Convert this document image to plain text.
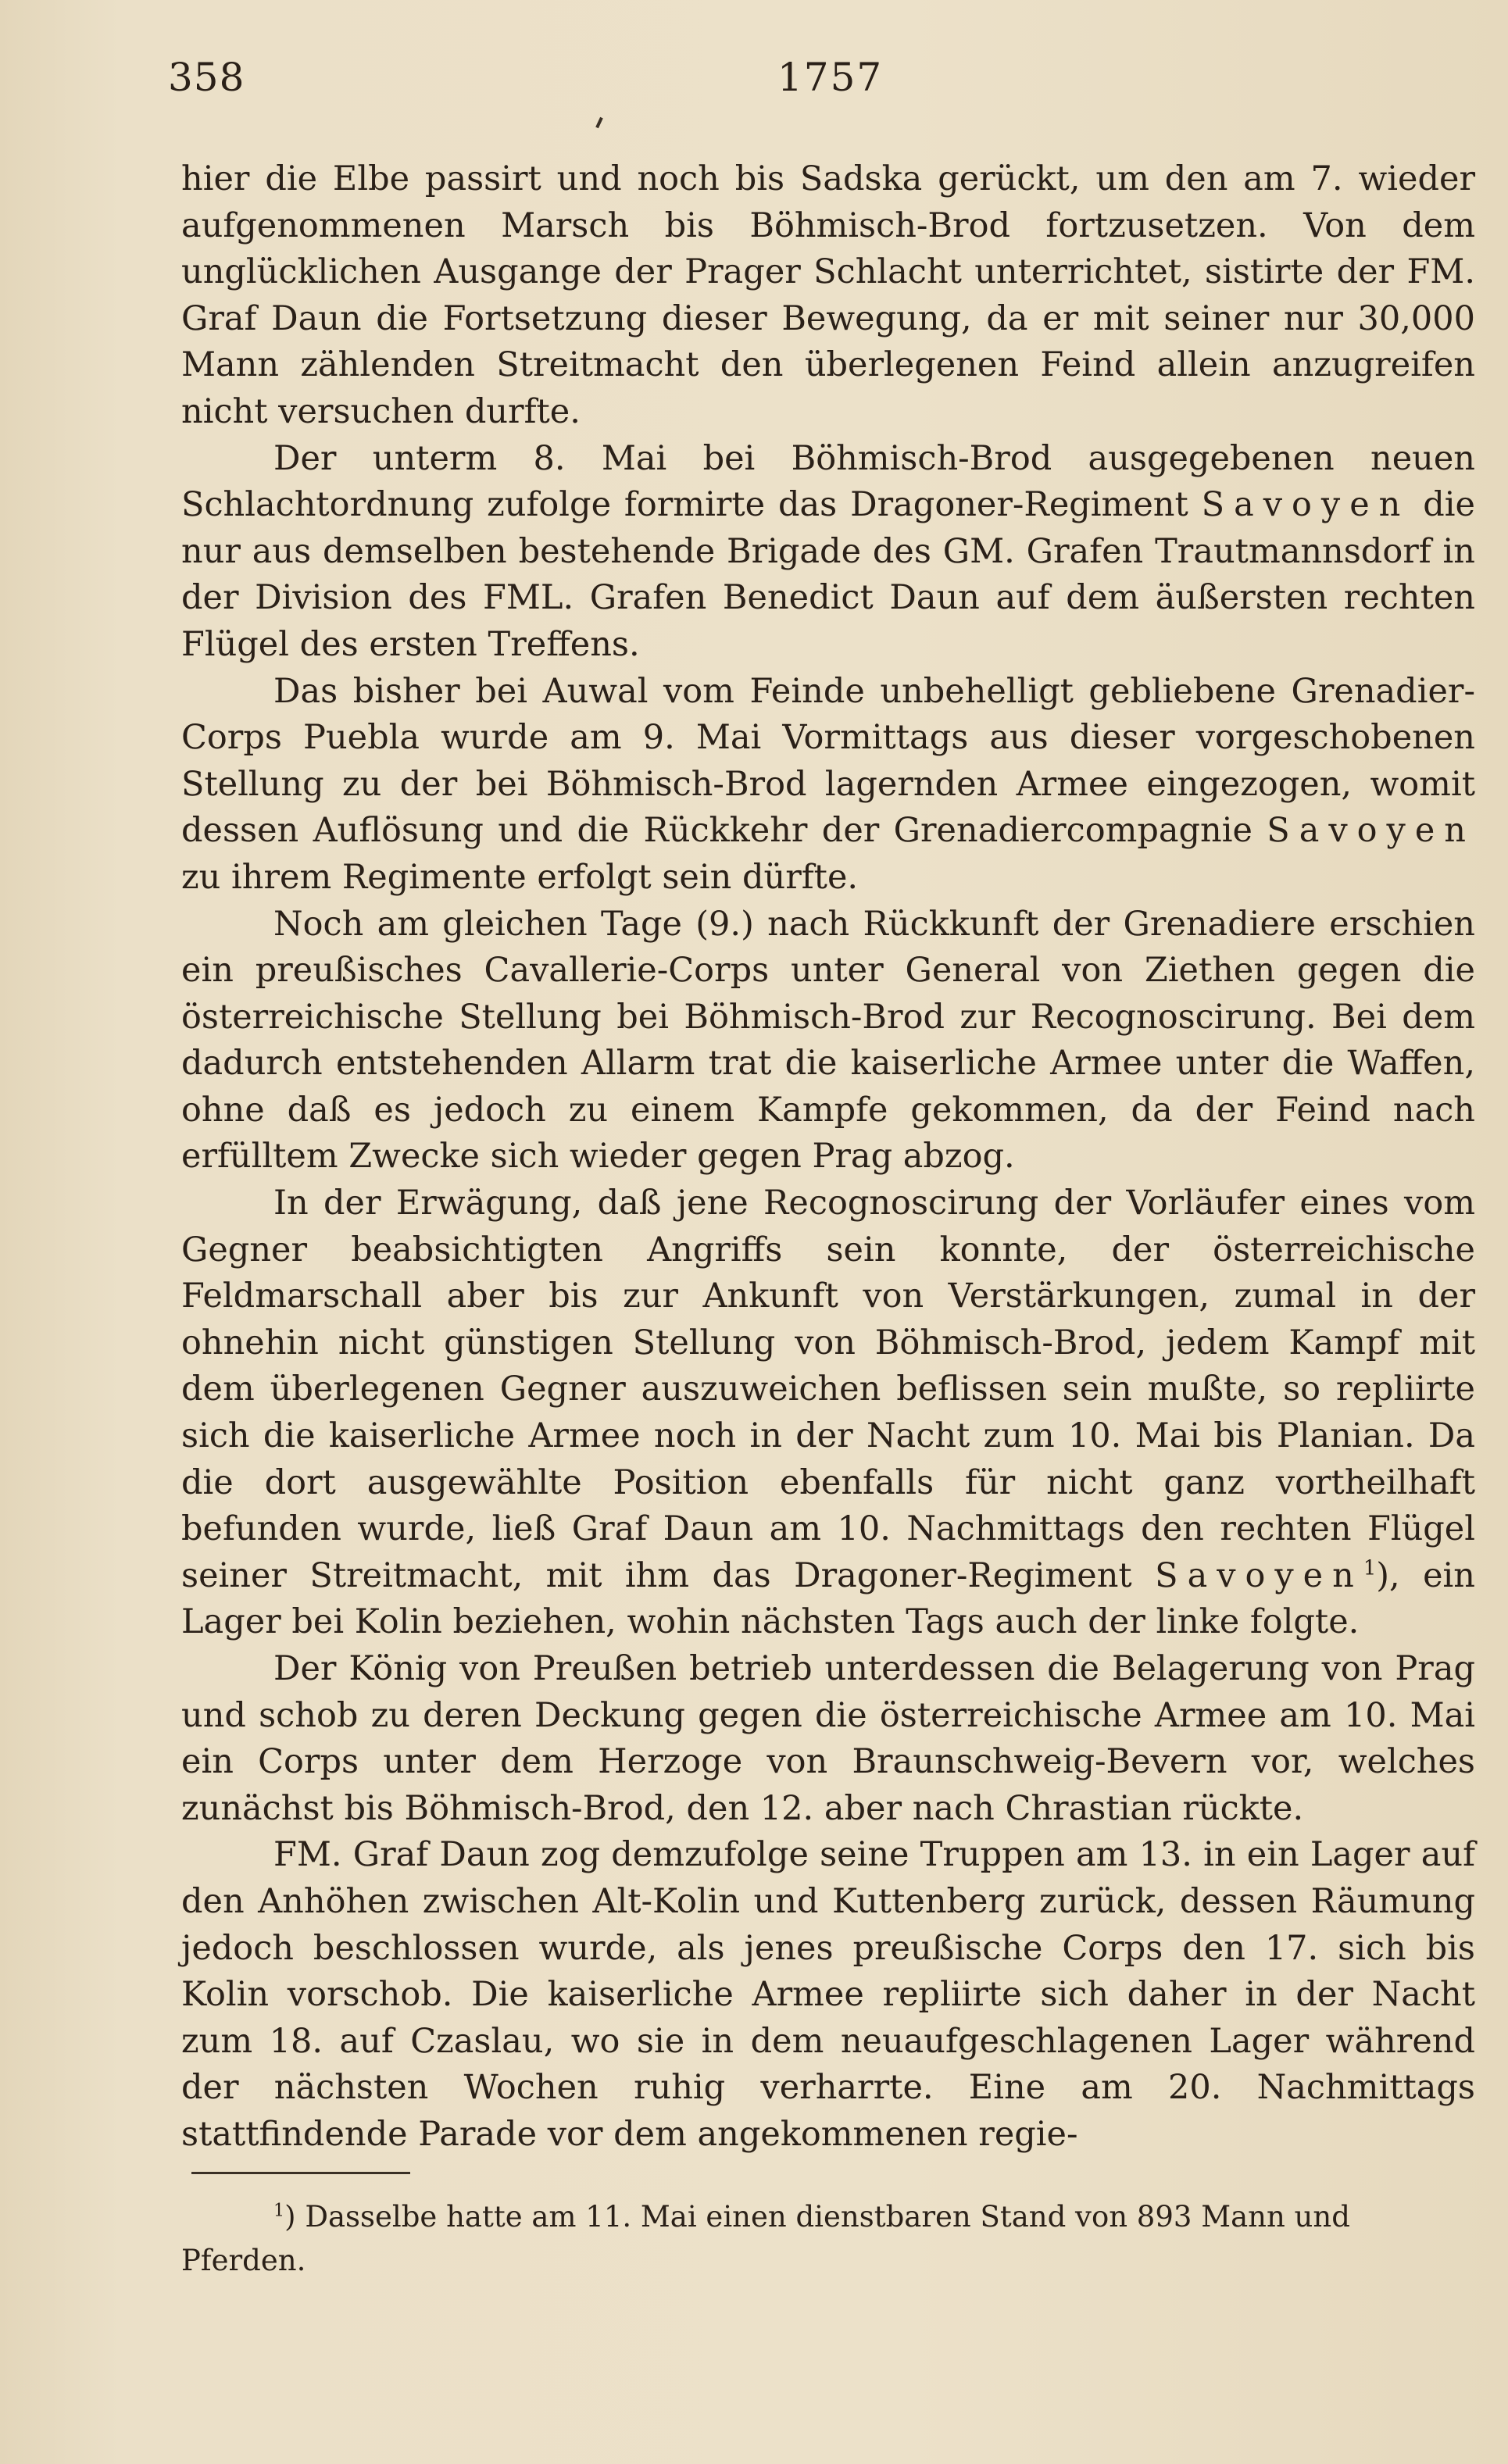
358	1757

hier die Elbe passirt und noch bis Sadska gerückt, um den am 7. wieder aufgenommenen Marsch bis Böhmisch-Brod fortzusetzen. Von dem unglücklichen Ausgange der Prager Schlacht unterrichtet, sistirte der FM. Graf Daun die Fortsetzung dieser Bewegung, da er mit seiner nur 30,000 Mann zählenden Streitmacht den überlegenen Feind allein anzugreifen nicht versuchen durfte.

Der unterm 8. Mai bei Böhmisch-Brod ausgegebenen neuen Schlachtordnung zufolge formirte das Dragoner-Regiment Savoyen die nur aus demselben bestehende Brigade des GM. Grafen Trautmannsdorf in der Division des FML. Grafen Benedict Daun auf dem äußersten rechten Flügel des ersten Treffens.

Das bisher bei Auwal vom Feinde unbehelligt gebliebene Grenadier-Corps Puebla wurde am 9. Mai Vormittags aus dieser vorgeschobenen Stellung zu der bei Böhmisch-Brod lagernden Armee eingezogen, womit dessen Auflösung und die Rückkehr der Grenadiercompagnie Savoyen zu ihrem Regimente erfolgt sein dürfte.

Noch am gleichen Tage (9.) nach Rückkunft der Grenadiere erschien ein preußisches Cavallerie-Corps unter General von Ziethen gegen die österreichische Stellung bei Böhmisch-Brod zur Recognoscirung. Bei dem dadurch entstehenden Allarm trat die kaiserliche Armee unter die Waffen, ohne daß es jedoch zu einem Kampfe gekommen, da der Feind nach erfülltem Zwecke sich wieder gegen Prag abzog.

In der Erwägung, daß jene Recognoscirung der Vorläufer eines vom Gegner beabsichtigten Angriffs sein konnte, der österreichische Feldmarschall aber bis zur Ankunft von Verstärkungen, zumal in der ohnehin nicht günstigen Stellung von Böhmisch-Brod, jedem Kampf mit dem überlegenen Gegner auszuweichen beflissen sein mußte, so repliirte sich die kaiserliche Armee noch in der Nacht zum 10. Mai bis Planian. Da die dort ausgewählte Position ebenfalls für nicht ganz vortheilhaft befunden wurde, ließ Graf Daun am 10. Nachmittags den rechten Flügel seiner Streitmacht, mit ihm das Dragoner-Regiment Savoyen$^1$), ein Lager bei Kolin beziehen, wohin nächsten Tags auch der linke folgte.

Der König von Preußen betrieb unterdessen die Belagerung von Prag und schob zu deren Deckung gegen die österreichische Armee am 10. Mai ein Corps unter dem Herzoge von Braunschweig-Bevern vor, welches zunächst bis Böhmisch-Brod, den 12. aber nach Chrastian rückte.

FM. Graf Daun zog demzufolge seine Truppen am 13. in ein Lager auf den Anhöhen zwischen Alt-Kolin und Kuttenberg zurück, dessen Räumung jedoch beschlossen wurde, als jenes preußische Corps den 17. sich bis Kolin vorschob. Die kaiserliche Armee repliirte sich daher in der Nacht zum 18. auf Czaslau, wo sie in dem neuaufgeschlagenen Lager während der nächsten Wochen ruhig verharrte. Eine am 20. Nachmittags stattfindende Parade vor dem angekommenen regie-

$^1$) Dasselbe hatte am 11. Mai einen dienstbaren Stand von 893 Mann und Pferden.
